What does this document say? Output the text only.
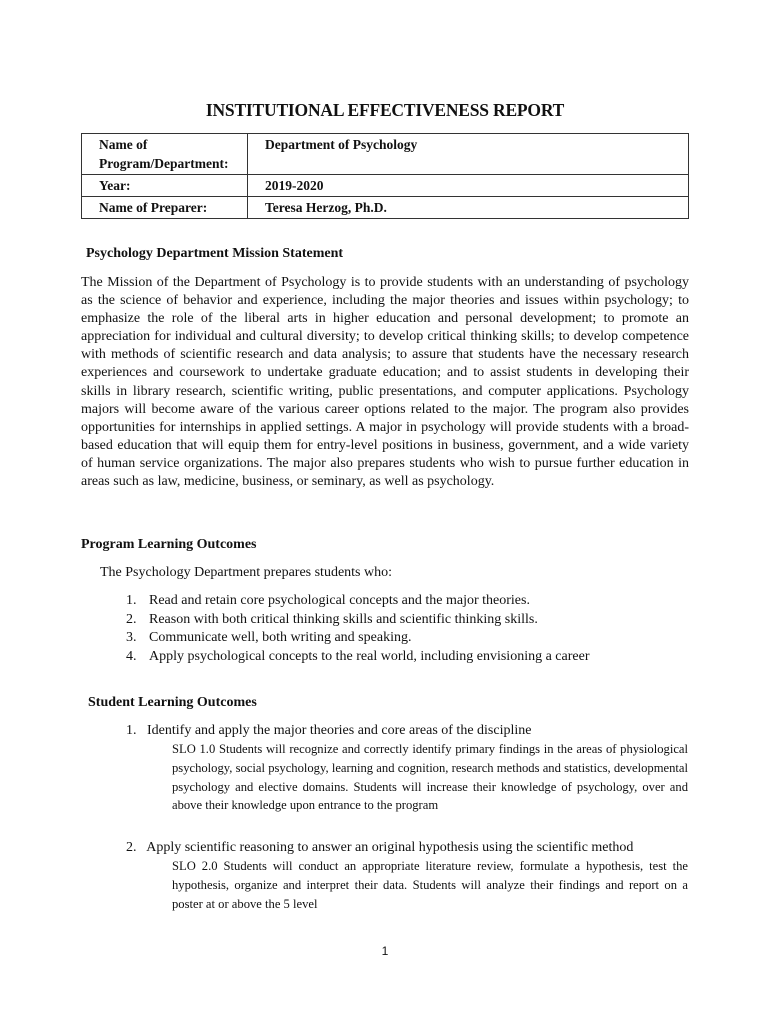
INSTITUTIONAL EFFECTIVENESS REPORT
Name of Program/Department:	Department of Psychology
Year:	2019-2020
Name of Preparer:	Teresa Herzog, Ph.D.
Psychology Department Mission Statement
The Mission of the Department of Psychology is to provide students with an understanding of psychology as the science of behavior and experience, including the major theories and issues within psychology; to emphasize the role of the liberal arts in higher education and personal development; to promote an appreciation for individual and cultural diversity; to develop critical thinking skills; to develop competence with methods of scientific research and data analysis; to assure that students have the necessary research experiences and coursework to undertake graduate education; and to assist students in developing their skills in library research, scientific writing, public presentations, and computer applications. Psychology majors will become aware of the various career options related to the major. The program also provides opportunities for internships in applied settings. A major in psychology will provide students with a broad-based education that will equip them for entry-level positions in business, government, and a wide variety of human service organizations. The major also prepares students who wish to pursue further education in areas such as law, medicine, business, or seminary, as well as psychology.
Program Learning Outcomes
The Psychology Department prepares students who:
1. Read and retain core psychological concepts and the major theories.
2. Reason with both critical thinking skills and scientific thinking skills.
3. Communicate well, both writing and speaking.
4. Apply psychological concepts to the real world, including envisioning a career
Student Learning Outcomes
1.   Identify and apply the major theories and core areas of the discipline
SLO 1.0 Students will recognize and correctly identify primary findings in the areas of physiological psychology, social psychology, learning and cognition, research methods and statistics, developmental psychology and elective domains. Students will increase their knowledge of psychology, over and above their knowledge upon entrance to the program
2.   Apply scientific reasoning to answer an original hypothesis using the scientific method
SLO 2.0 Students will conduct an appropriate literature review, formulate a hypothesis, test the hypothesis, organize and interpret their data. Students will analyze their findings and report on a poster at or above the 5 level
1
